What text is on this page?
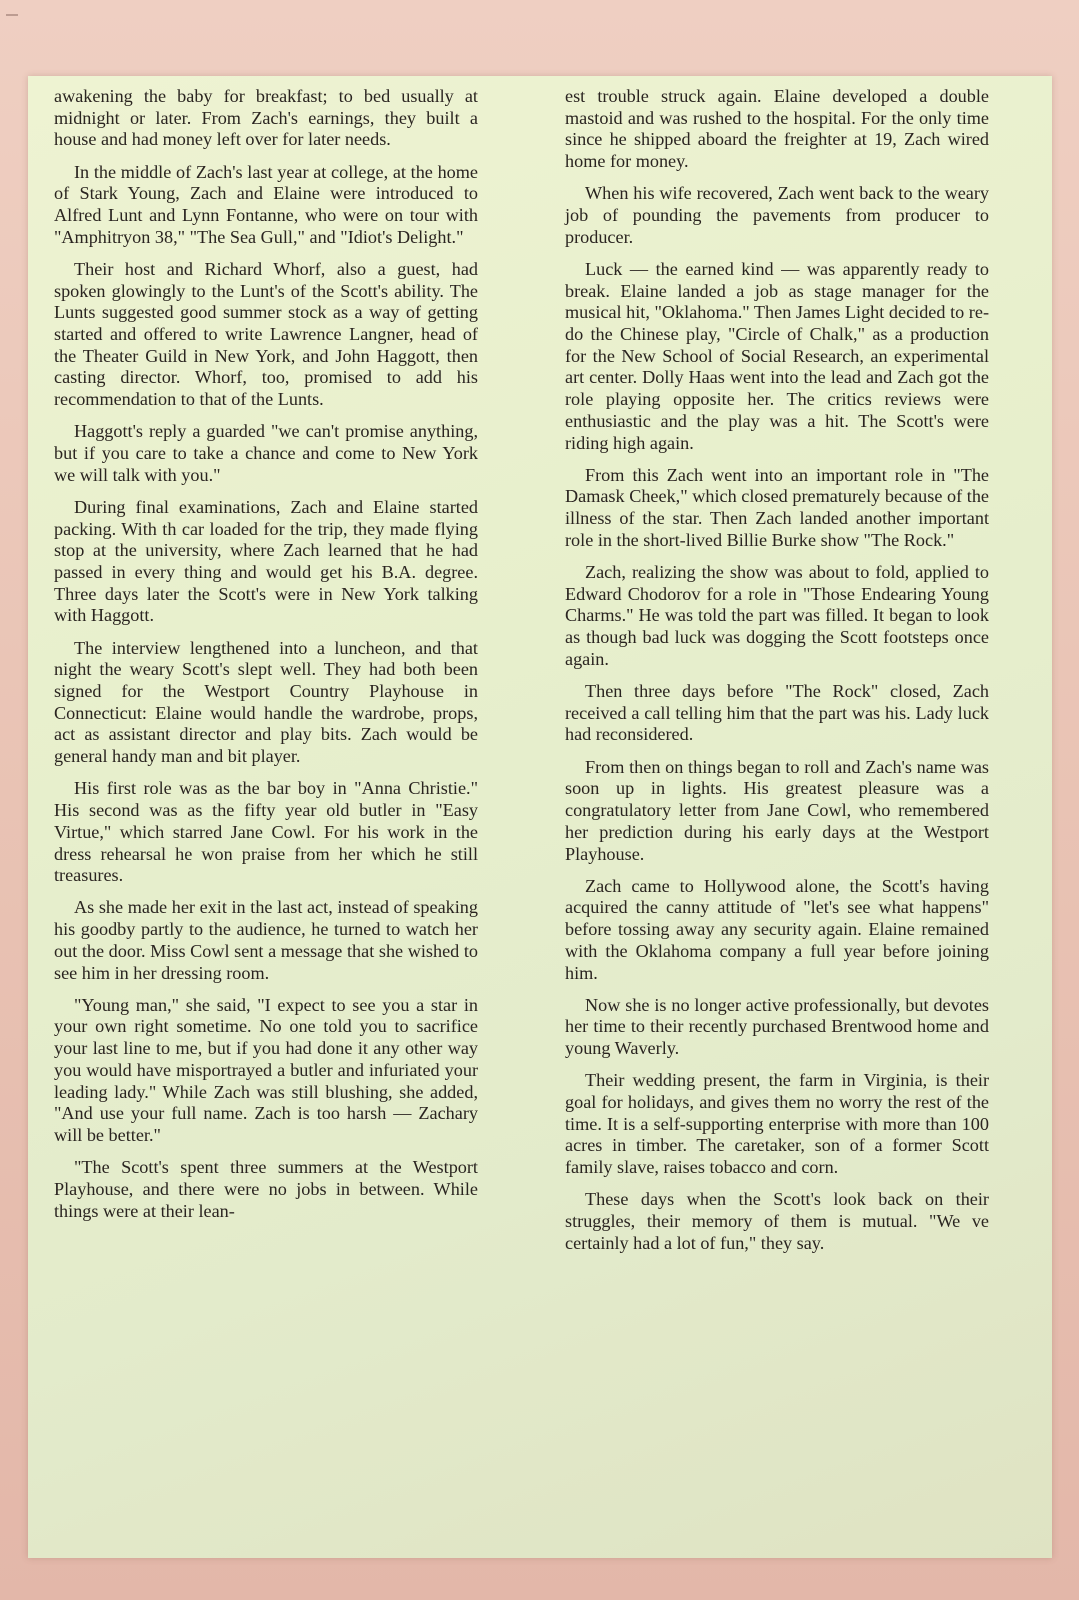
awakening the baby for breakfast; to bed usually at midnight or later. From Zach's earnings, they built a house and had money left over for later needs.

In the middle of Zach's last year at college, at the home of Stark Young, Zach and Elaine were introduced to Alfred Lunt and Lynn Fontanne, who were on tour with "Amphitryon 38," "The Sea Gull," and "Idiot's Delight."

Their host and Richard Whorf, also a guest, had spoken glowingly to the Lunt's of the Scott's ability. The Lunts suggested good summer stock as a way of getting started and offered to write Lawrence Langner, head of the Theater Guild in New York, and John Haggott, then casting director. Whorf, too, promised to add his recommendation to that of the Lunts.

Haggott's reply a guarded "we can't promise anything, but if you care to take a chance and come to New York we will talk with you."

During final examinations, Zach and Elaine started packing. With th car loaded for the trip, they made flying stop at the university, where Zach learned that he had passed in every thing and would get his B.A. degree. Three days later the Scott's were in New York talking with Haggott.

The interview lengthened into a luncheon, and that night the weary Scott's slept well. They had both been signed for the Westport Country Playhouse in Connecticut: Elaine would handle the wardrobe, props, act as assistant director and play bits. Zach would be general handy man and bit player.

His first role was as the bar boy in "Anna Christie." His second was as the fifty year old butler in "Easy Virtue," which starred Jane Cowl. For his work in the dress rehearsal he won praise from her which he still treasures.

As she made her exit in the last act, instead of speaking his goodby partly to the audience, he turned to watch her out the door. Miss Cowl sent a message that she wished to see him in her dressing room.

"Young man," she said, "I expect to see you a star in your own right sometime. No one told you to sacrifice your last line to me, but if you had done it any other way you would have misportrayed a butler and infuriated your leading lady." While Zach was still blushing, she added, "And use your full name. Zach is too harsh — Zachary will be better."

"The Scott's spent three summers at the Westport Playhouse, and there were no jobs in between. While things were at their lean-

est trouble struck again. Elaine developed a double mastoid and was rushed to the hospital. For the only time since he shipped aboard the freighter at 19, Zach wired home for money.

When his wife recovered, Zach went back to the weary job of pounding the pavements from producer to producer.

Luck — the earned kind — was apparently ready to break. Elaine landed a job as stage manager for the musical hit, "Oklahoma." Then James Light decided to re-do the Chinese play, "Circle of Chalk," as a production for the New School of Social Research, an experimental art center. Dolly Haas went into the lead and Zach got the role playing opposite her. The critics reviews were enthusiastic and the play was a hit. The Scott's were riding high again.

From this Zach went into an important role in "The Damask Cheek," which closed prematurely because of the illness of the star. Then Zach landed another important role in the short-lived Billie Burke show "The Rock."

Zach, realizing the show was about to fold, applied to Edward Chodorov for a role in "Those Endearing Young Charms." He was told the part was filled. It began to look as though bad luck was dogging the Scott footsteps once again.

Then three days before "The Rock" closed, Zach received a call telling him that the part was his. Lady luck had reconsidered.

From then on things began to roll and Zach's name was soon up in lights. His greatest pleasure was a congratulatory letter from Jane Cowl, who remembered her prediction during his early days at the Westport Playhouse.

Zach came to Hollywood alone, the Scott's having acquired the canny attitude of "let's see what happens" before tossing away any security again. Elaine remained with the Oklahoma company a full year before joining him.

Now she is no longer active professionally, but devotes her time to their recently purchased Brentwood home and young Waverly.

Their wedding present, the farm in Virginia, is their goal for holidays, and gives them no worry the rest of the time. It is a self-supporting enterprise with more than 100 acres in timber. The caretaker, son of a former Scott family slave, raises tobacco and corn.

These days when the Scott's look back on their struggles, their memory of them is mutual. "We ve certainly had a lot of fun," they say.
